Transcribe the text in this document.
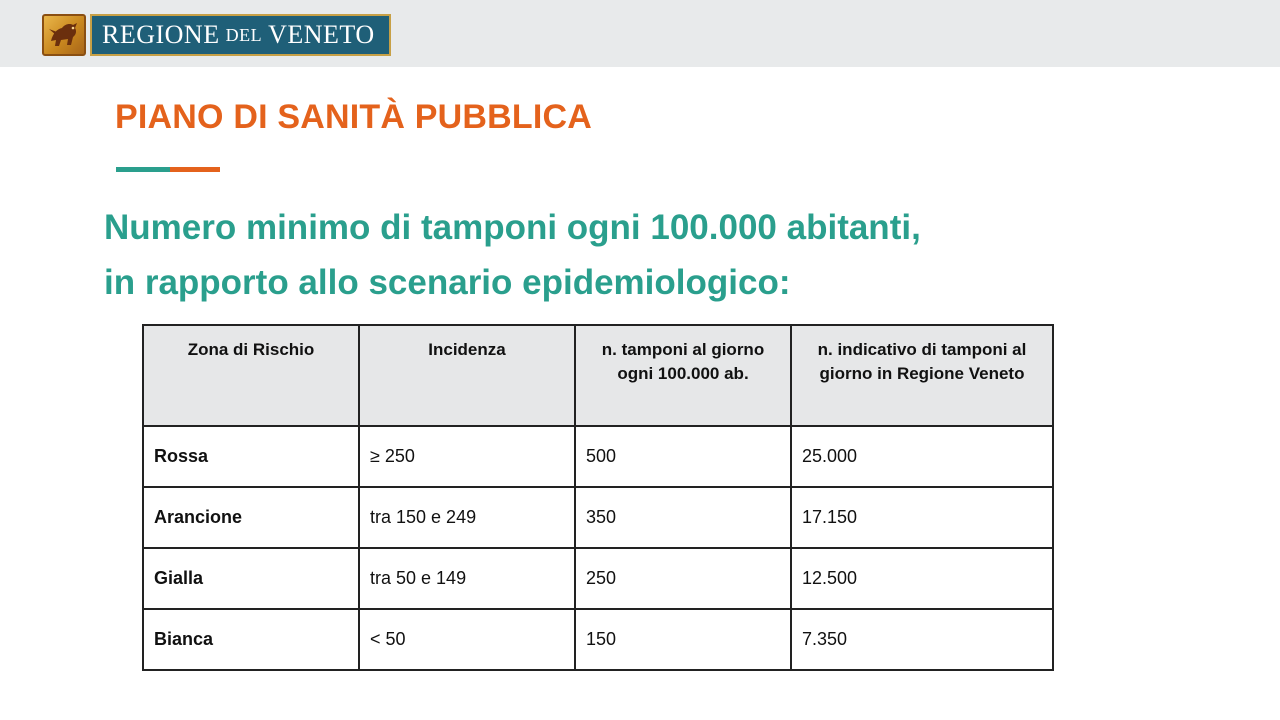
REGIONE DEL VENETO
PIANO DI SANITÀ PUBBLICA
Numero minimo di tamponi ogni 100.000 abitanti,
in rapporto allo scenario epidemiologico:
Zona di Rischio	Incidenza	n. tamponi al giorno ogni 100.000 ab.	n. indicativo di tamponi al giorno in Regione Veneto
Rossa	≥ 250	500	25.000
Arancione	tra 150 e 249	350	17.150
Gialla	tra 50 e 149	250	12.500
Bianca	< 50	150	7.350
